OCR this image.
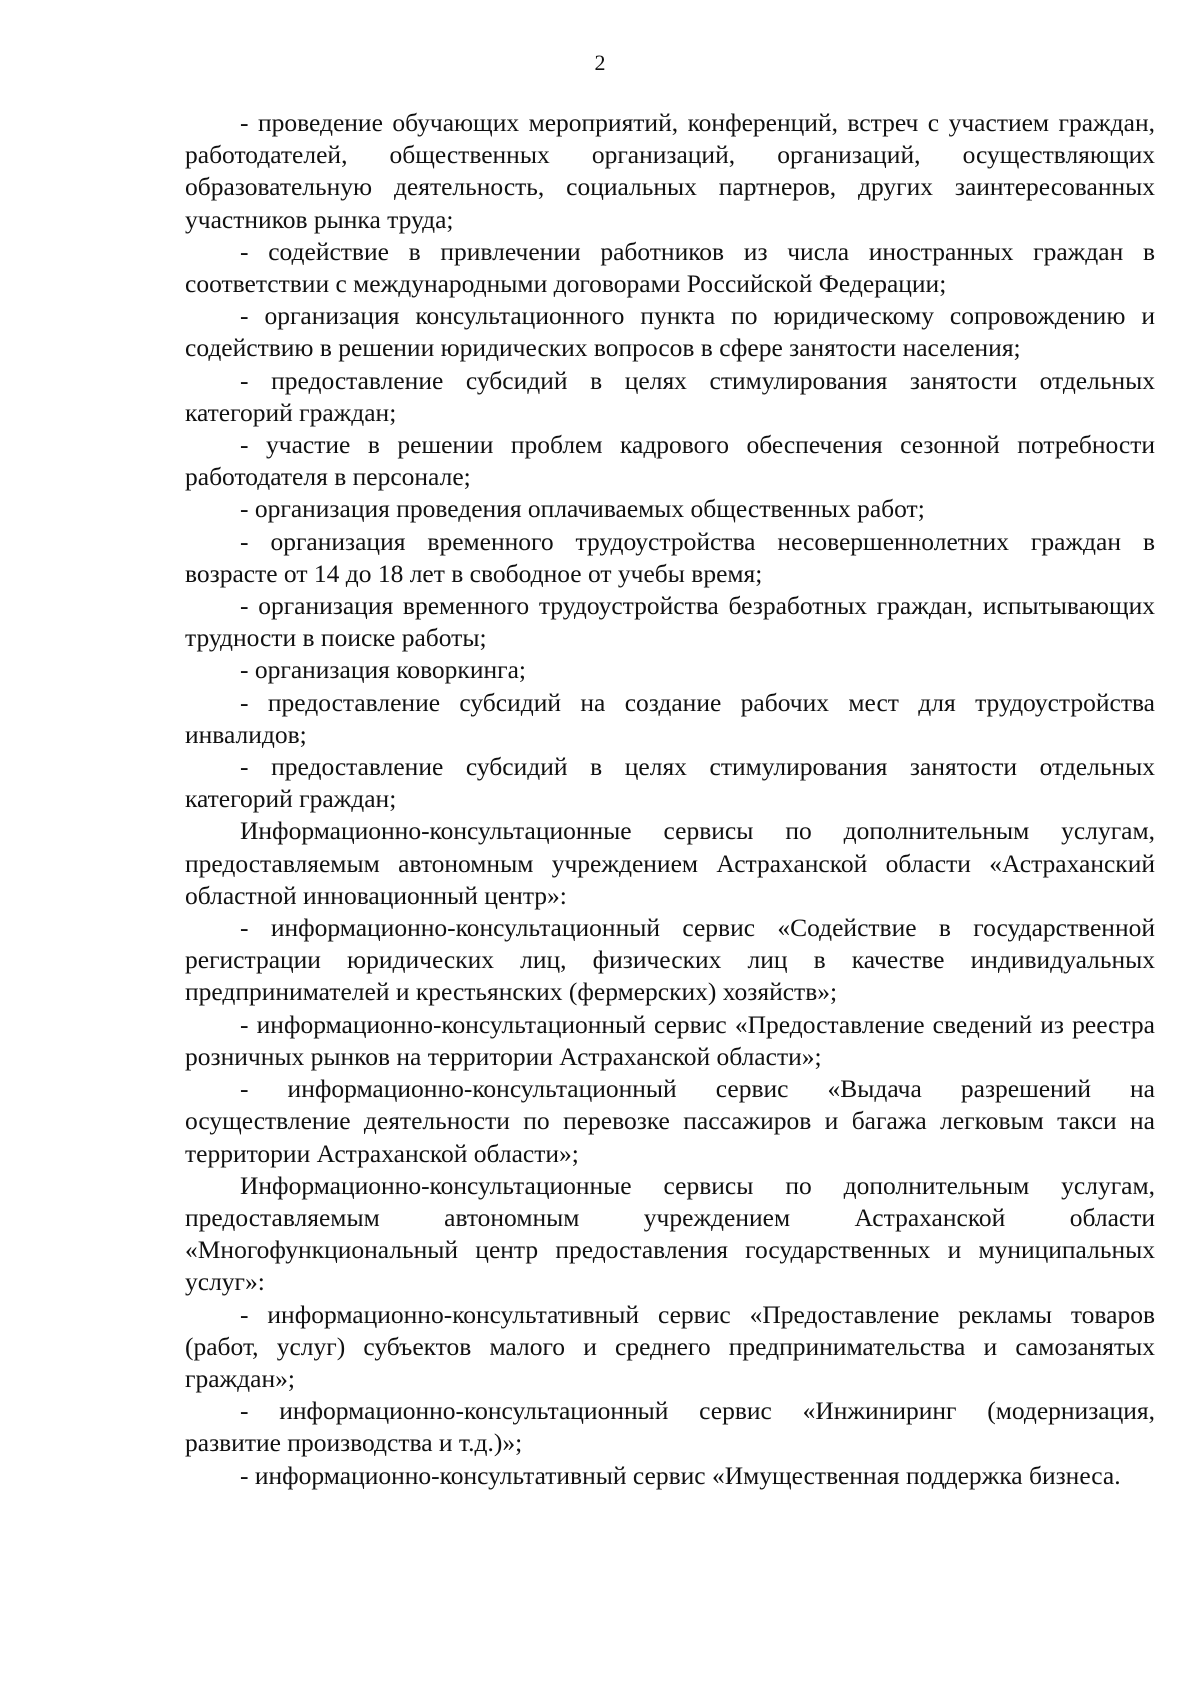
2

- проведение обучающих мероприятий, конференций, встреч с участием граждан, работодателей, общественных организаций, организаций, осуществляющих образовательную деятельность, социальных партнеров, других заинтересованных участников рынка труда;

- содействие в привлечении работников из числа иностранных граждан в соответствии с международными договорами Российской Федерации;

- организация консультационного пункта по юридическому сопровождению и содействию в решении юридических вопросов в сфере занятости населения;

- предоставление субсидий в целях стимулирования занятости отдельных категорий граждан;

- участие в решении проблем кадрового обеспечения сезонной потребности работодателя в персонале;

- организация проведения оплачиваемых общественных работ;

- организация временного трудоустройства несовершеннолетних граждан в возрасте от 14 до 18 лет в свободное от учебы время;

- организация временного трудоустройства безработных граждан, испытывающих трудности в поиске работы;

- организация коворкинга;

- предоставление субсидий на создание рабочих мест для трудоустройства инвалидов;

- предоставление субсидий в целях стимулирования занятости отдельных категорий граждан;

Информационно-консультационные сервисы по дополнительным услугам, предоставляемым автономным учреждением Астраханской области «Астраханский областной инновационный центр»:

- информационно-консультационный сервис «Содействие в государственной регистрации юридических лиц, физических лиц в качестве индивидуальных предпринимателей и крестьянских (фермерских) хозяйств»;

- информационно-консультационный сервис «Предоставление сведений из реестра розничных рынков на территории Астраханской области»;

- информационно-консультационный сервис «Выдача разрешений на осуществление деятельности по перевозке пассажиров и багажа легковым такси на территории Астраханской области»;

Информационно-консультационные сервисы по дополнительным услугам, предоставляемым автономным учреждением Астраханской области «Многофункциональный центр предоставления государственных и муниципальных услуг»:

- информационно-консультативный сервис «Предоставление рекламы товаров (работ, услуг) субъектов малого и среднего предпринимательства и самозанятых граждан»;

- информационно-консультационный сервис «Инжиниринг (модернизация, развитие производства и т.д.)»;

- информационно-консультативный сервис «Имущественная поддержка бизнеса.
